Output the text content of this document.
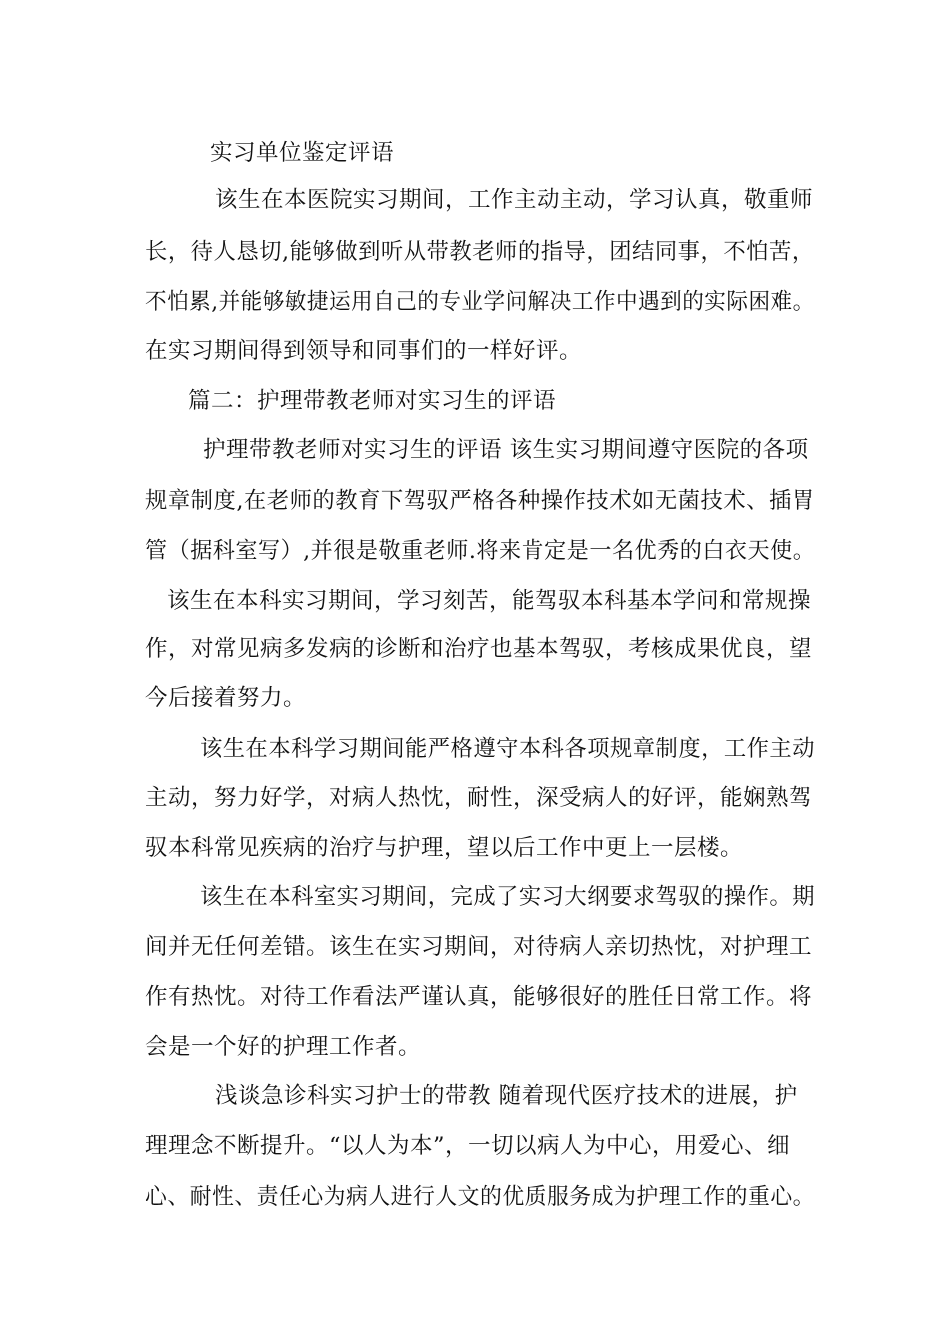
实习单位鉴定评语
该生在本医院实习期间，工作主动主动，学习认真，敬重师
长，待人恳切,能够做到听从带教老师的指导，团结同事，不怕苦，
不怕累,并能够敏捷运用自己的专业学问解决工作中遇到的实际困难。
在实习期间得到领导和同事们的一样好评。
篇二：护理带教老师对实习生的评语
护理带教老师对实习生的评语 该生实习期间遵守医院的各项
规章制度,在老师的教育下驾驭严格各种操作技术如无菌技术、插胃
管（据科室写）,并很是敬重老师.将来肯定是一名优秀的白衣天使。
该生在本科实习期间，学习刻苦，能驾驭本科基本学问和常规操
作，对常见病多发病的诊断和治疗也基本驾驭，考核成果优良，望
今后接着努力。
该生在本科学习期间能严格遵守本科各项规章制度，工作主动
主动，努力好学，对病人热忱，耐性，深受病人的好评，能娴熟驾
驭本科常见疾病的治疗与护理，望以后工作中更上一层楼。
该生在本科室实习期间，完成了实习大纲要求驾驭的操作。期
间并无任何差错。该生在实习期间，对待病人亲切热忱，对护理工
作有热忱。对待工作看法严谨认真，能够很好的胜任日常工作。将
会是一个好的护理工作者。
浅谈急诊科实习护士的带教 随着现代医疗技术的进展，护
理理念不断提升。“以人为本”，一切以病人为中心，用爱心、细
心、耐性、责任心为病人进行人文的优质服务成为护理工作的重心。
